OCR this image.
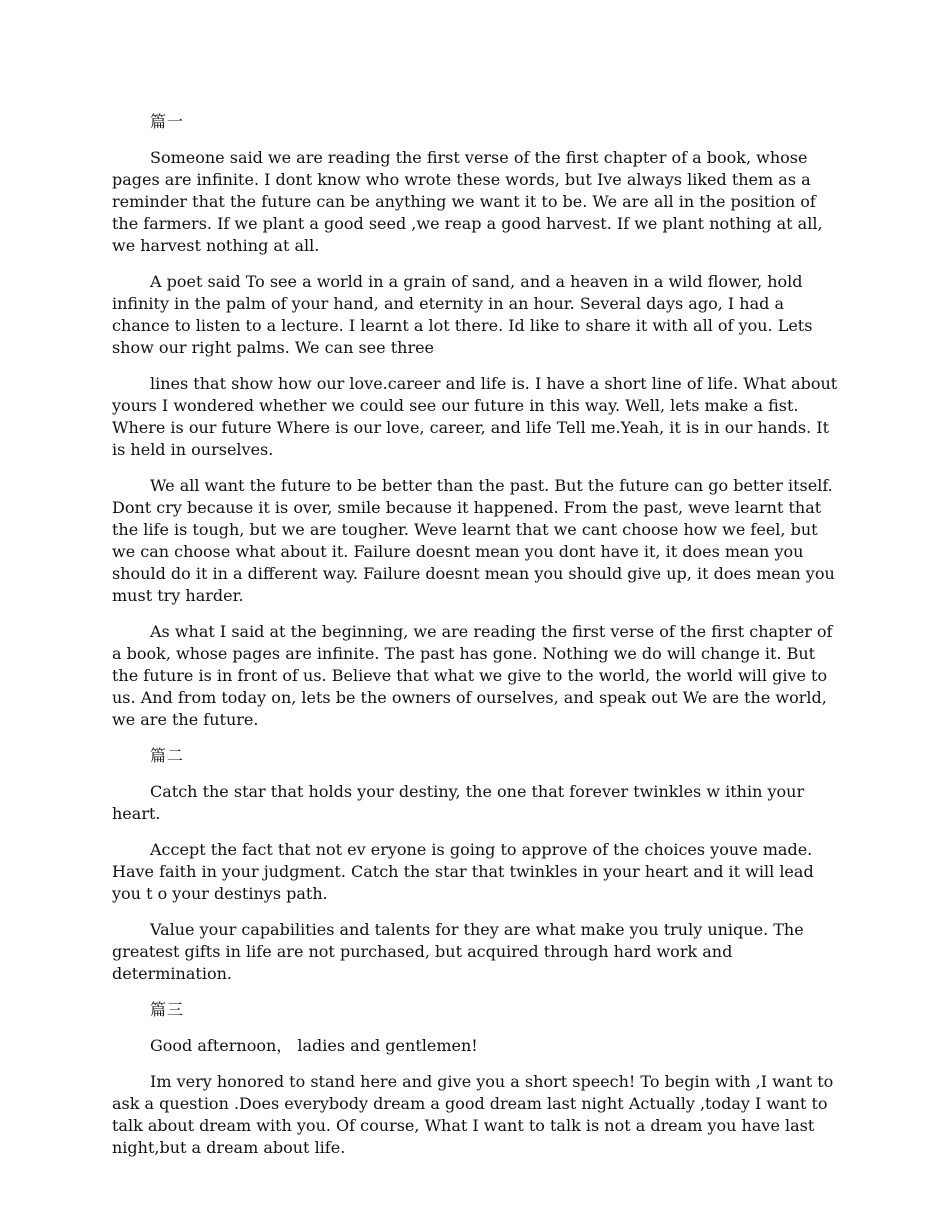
篇一

Someone said we are reading the first verse of the first chapter of a book, whose pages are infinite. I dont know who wrote these words, but Ive always liked them as a reminder that the future can be anything we want it to be. We are all in the position of the farmers. If we plant a good seed ,we reap a good harvest. If we plant nothing at all, we harvest nothing at all.

A poet said To see a world in a grain of sand, and a heaven in a wild flower, hold infinity in the palm of your hand, and eternity in an hour. Several days ago, I had a chance to listen to a lecture. I learnt a lot there. Id like to share it with all of you. Lets show our right palms. We can see three

lines that show how our love.career and life is. I have a short line of life. What about yours I wondered whether we could see our future in this way. Well, lets make a fist. Where is our future Where is our love, career, and life Tell me.Yeah, it is in our hands. It is held in ourselves.

We all want the future to be better than the past. But the future can go better itself. Dont cry because it is over, smile because it happened. From the past, weve learnt that the life is tough, but we are tougher. Weve learnt that we cant choose how we feel, but we can choose what about it. Failure doesnt mean you dont have it, it does mean you should do it in a different way. Failure doesnt mean you should give up, it does mean you must try harder.

As what I said at the beginning, we are reading the first verse of the first chapter of a book, whose pages are infinite. The past has gone. Nothing we do will change it. But the future is in front of us. Believe that what we give to the world, the world will give to us. And from today on, lets be the owners of ourselves, and speak out We are the world, we are the future.

篇二

Catch the star that holds your destiny, the one that forever twinkles w ithin your heart.

Accept the fact that not ev eryone is going to approve of the choices youve made. Have faith in your judgment. Catch the star that twinkles in your heart and it will lead you t o your destinys path.

Value your capabilities and talents for they are what make you truly unique. The greatest gifts in life are not purchased, but acquired through hard work and determination.

篇三

Good afternoon， ladies and gentlemen!

Im very honored to stand here and give you a short speech! To begin with ,I want to ask a question .Does everybody dream a good dream last night Actually ,today I want to talk about dream with you. Of course, What I want to talk is not a dream you have last night,but a dream about life.
